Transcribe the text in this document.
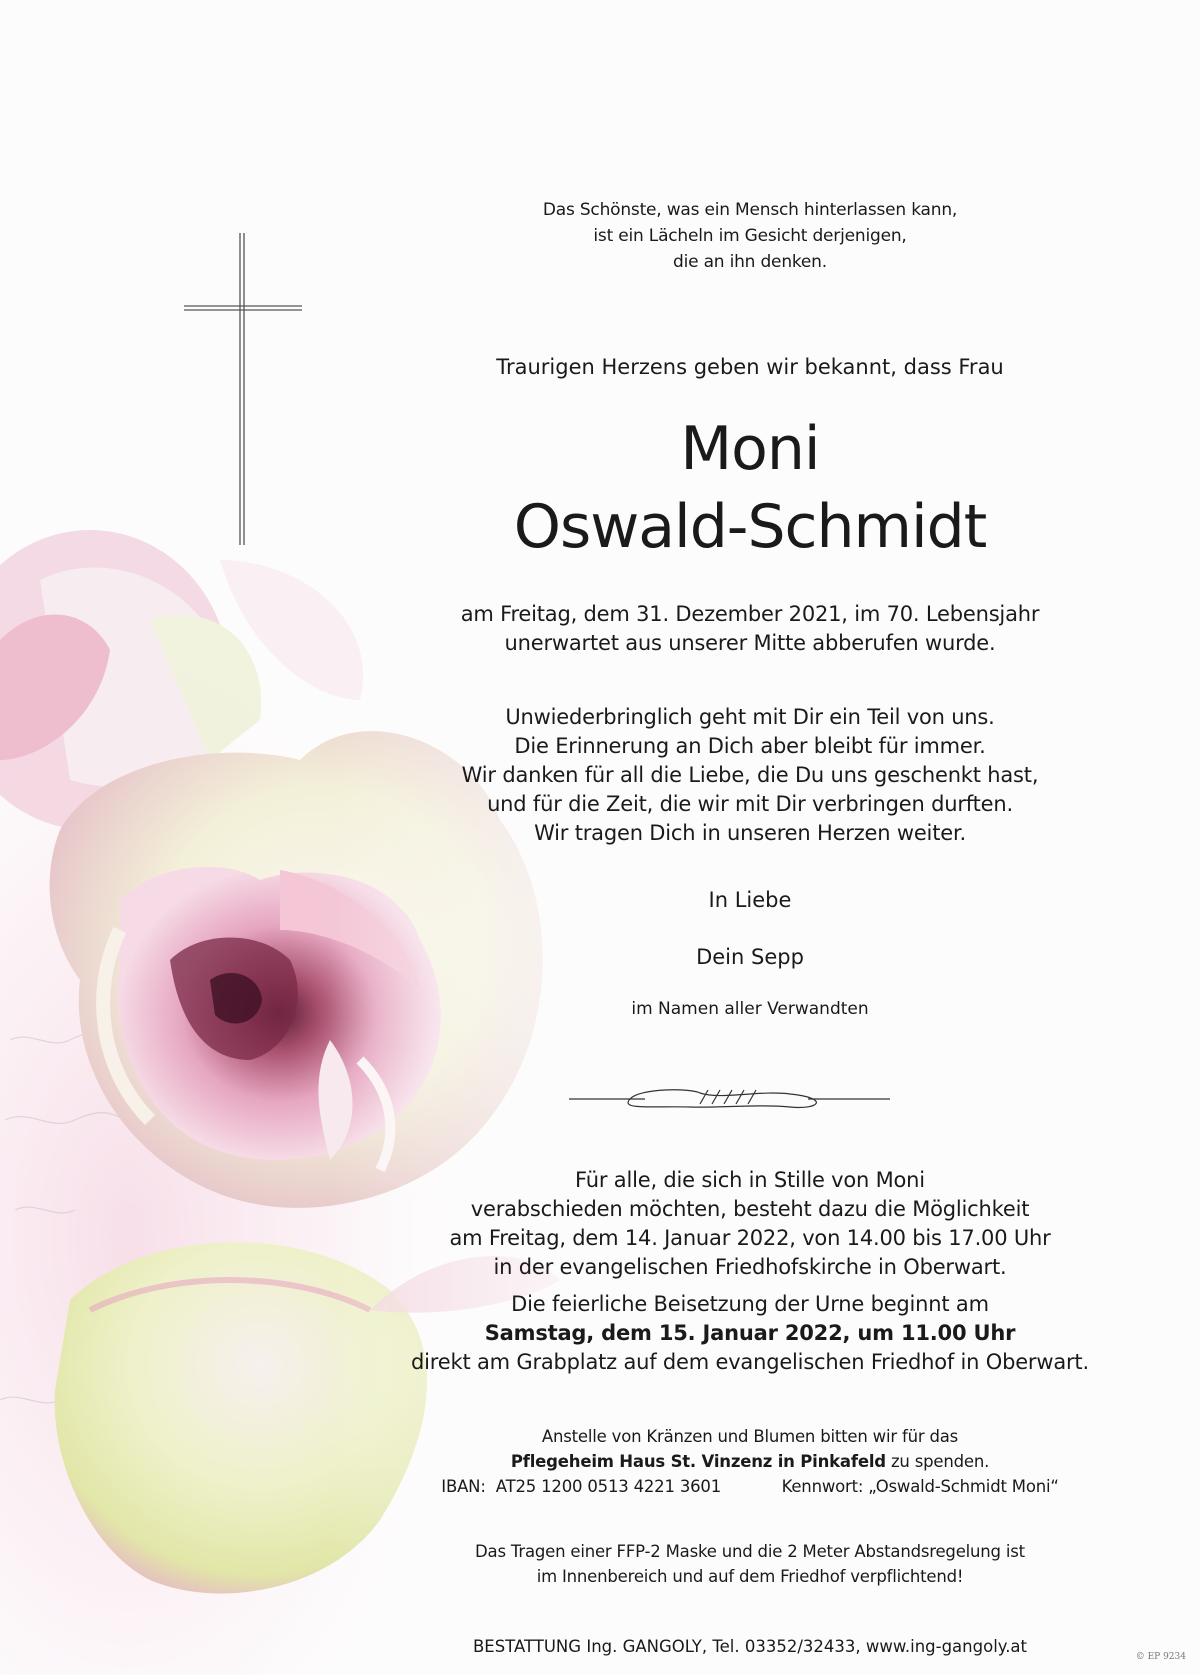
Das Schönste, was ein Mensch hinterlassen kann,
ist ein Lächeln im Gesicht derjenigen,
die an ihn denken.
Traurigen Herzens geben wir bekannt, dass Frau
Moni
Oswald-Schmidt
am Freitag, dem 31. Dezember 2021, im 70. Lebensjahr
unerwartet aus unserer Mitte abberufen wurde.
Unwiederbringlich geht mit Dir ein Teil von uns.
Die Erinnerung an Dich aber bleibt für immer.
Wir danken für all die Liebe, die Du uns geschenkt hast,
und für die Zeit, die wir mit Dir verbringen durften.
Wir tragen Dich in unseren Herzen weiter.
In Liebe
Dein Sepp
im Namen aller Verwandten
Für alle, die sich in Stille von Moni
verabschieden möchten, besteht dazu die Möglichkeit
am Freitag, dem 14. Januar 2022, von 14.00 bis 17.00 Uhr
in der evangelischen Friedhofskirche in Oberwart.
Die feierliche Beisetzung der Urne beginnt am
Samstag, dem 15. Januar 2022, um 11.00 Uhr
direkt am Grabplatz auf dem evangelischen Friedhof in Oberwart.
Anstelle von Kränzen und Blumen bitten wir für das
Pflegeheim Haus St. Vinzenz in Pinkafeld zu spenden.
IBAN: AT25 1200 0513 4221 3601	Kennwort: „Oswald-Schmidt Moni“
Das Tragen einer FFP-2 Maske und die 2 Meter Abstandsregelung ist
im Innenbereich und auf dem Friedhof verpflichtend!
BESTATTUNG Ing. GANGOLY, Tel. 03352/32433, www.ing-gangoly.at
© EP 9234
